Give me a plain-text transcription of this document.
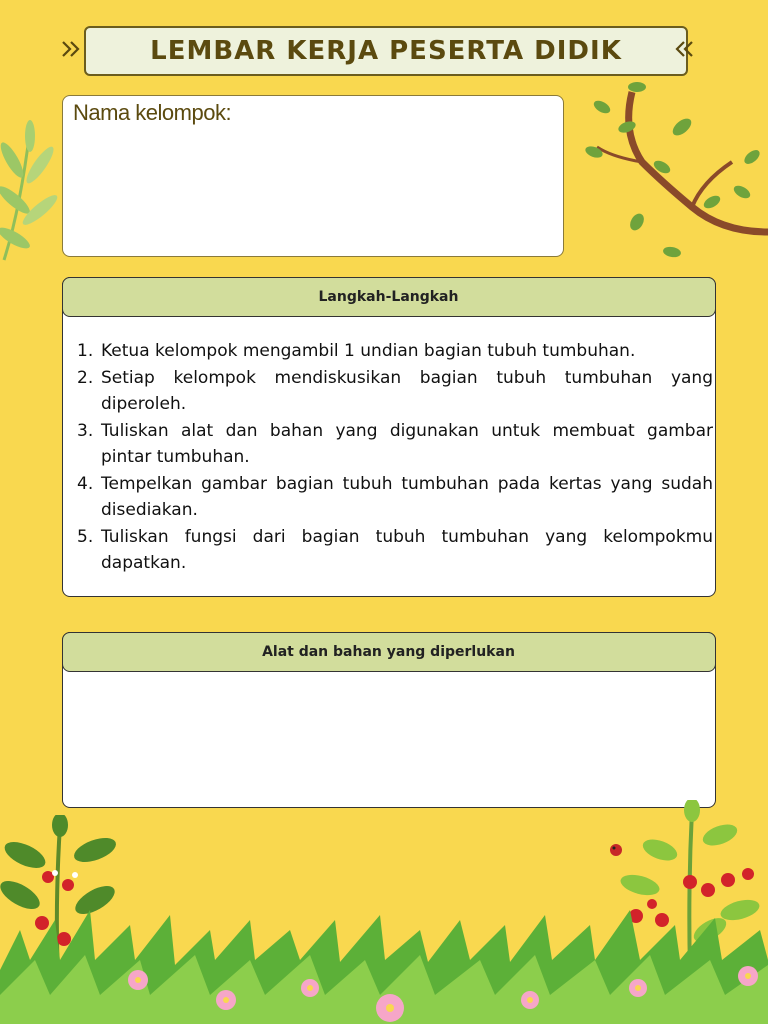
LEMBAR KERJA PESERTA DIDIK
Nama kelompok:
Langkah-Langkah
1. Ketua kelompok mengambil 1 undian bagian tubuh tumbuhan.
2. Setiap kelompok mendiskusikan bagian tubuh tumbuhan yang diperoleh.
3. Tuliskan alat dan bahan yang digunakan untuk membuat gambar pintar tumbuhan.
4. Tempelkan gambar bagian tubuh tumbuhan pada kertas yang sudah disediakan.
5. Tuliskan fungsi dari bagian tubuh tumbuhan yang kelompokmu dapatkan.
Alat dan bahan yang diperlukan
